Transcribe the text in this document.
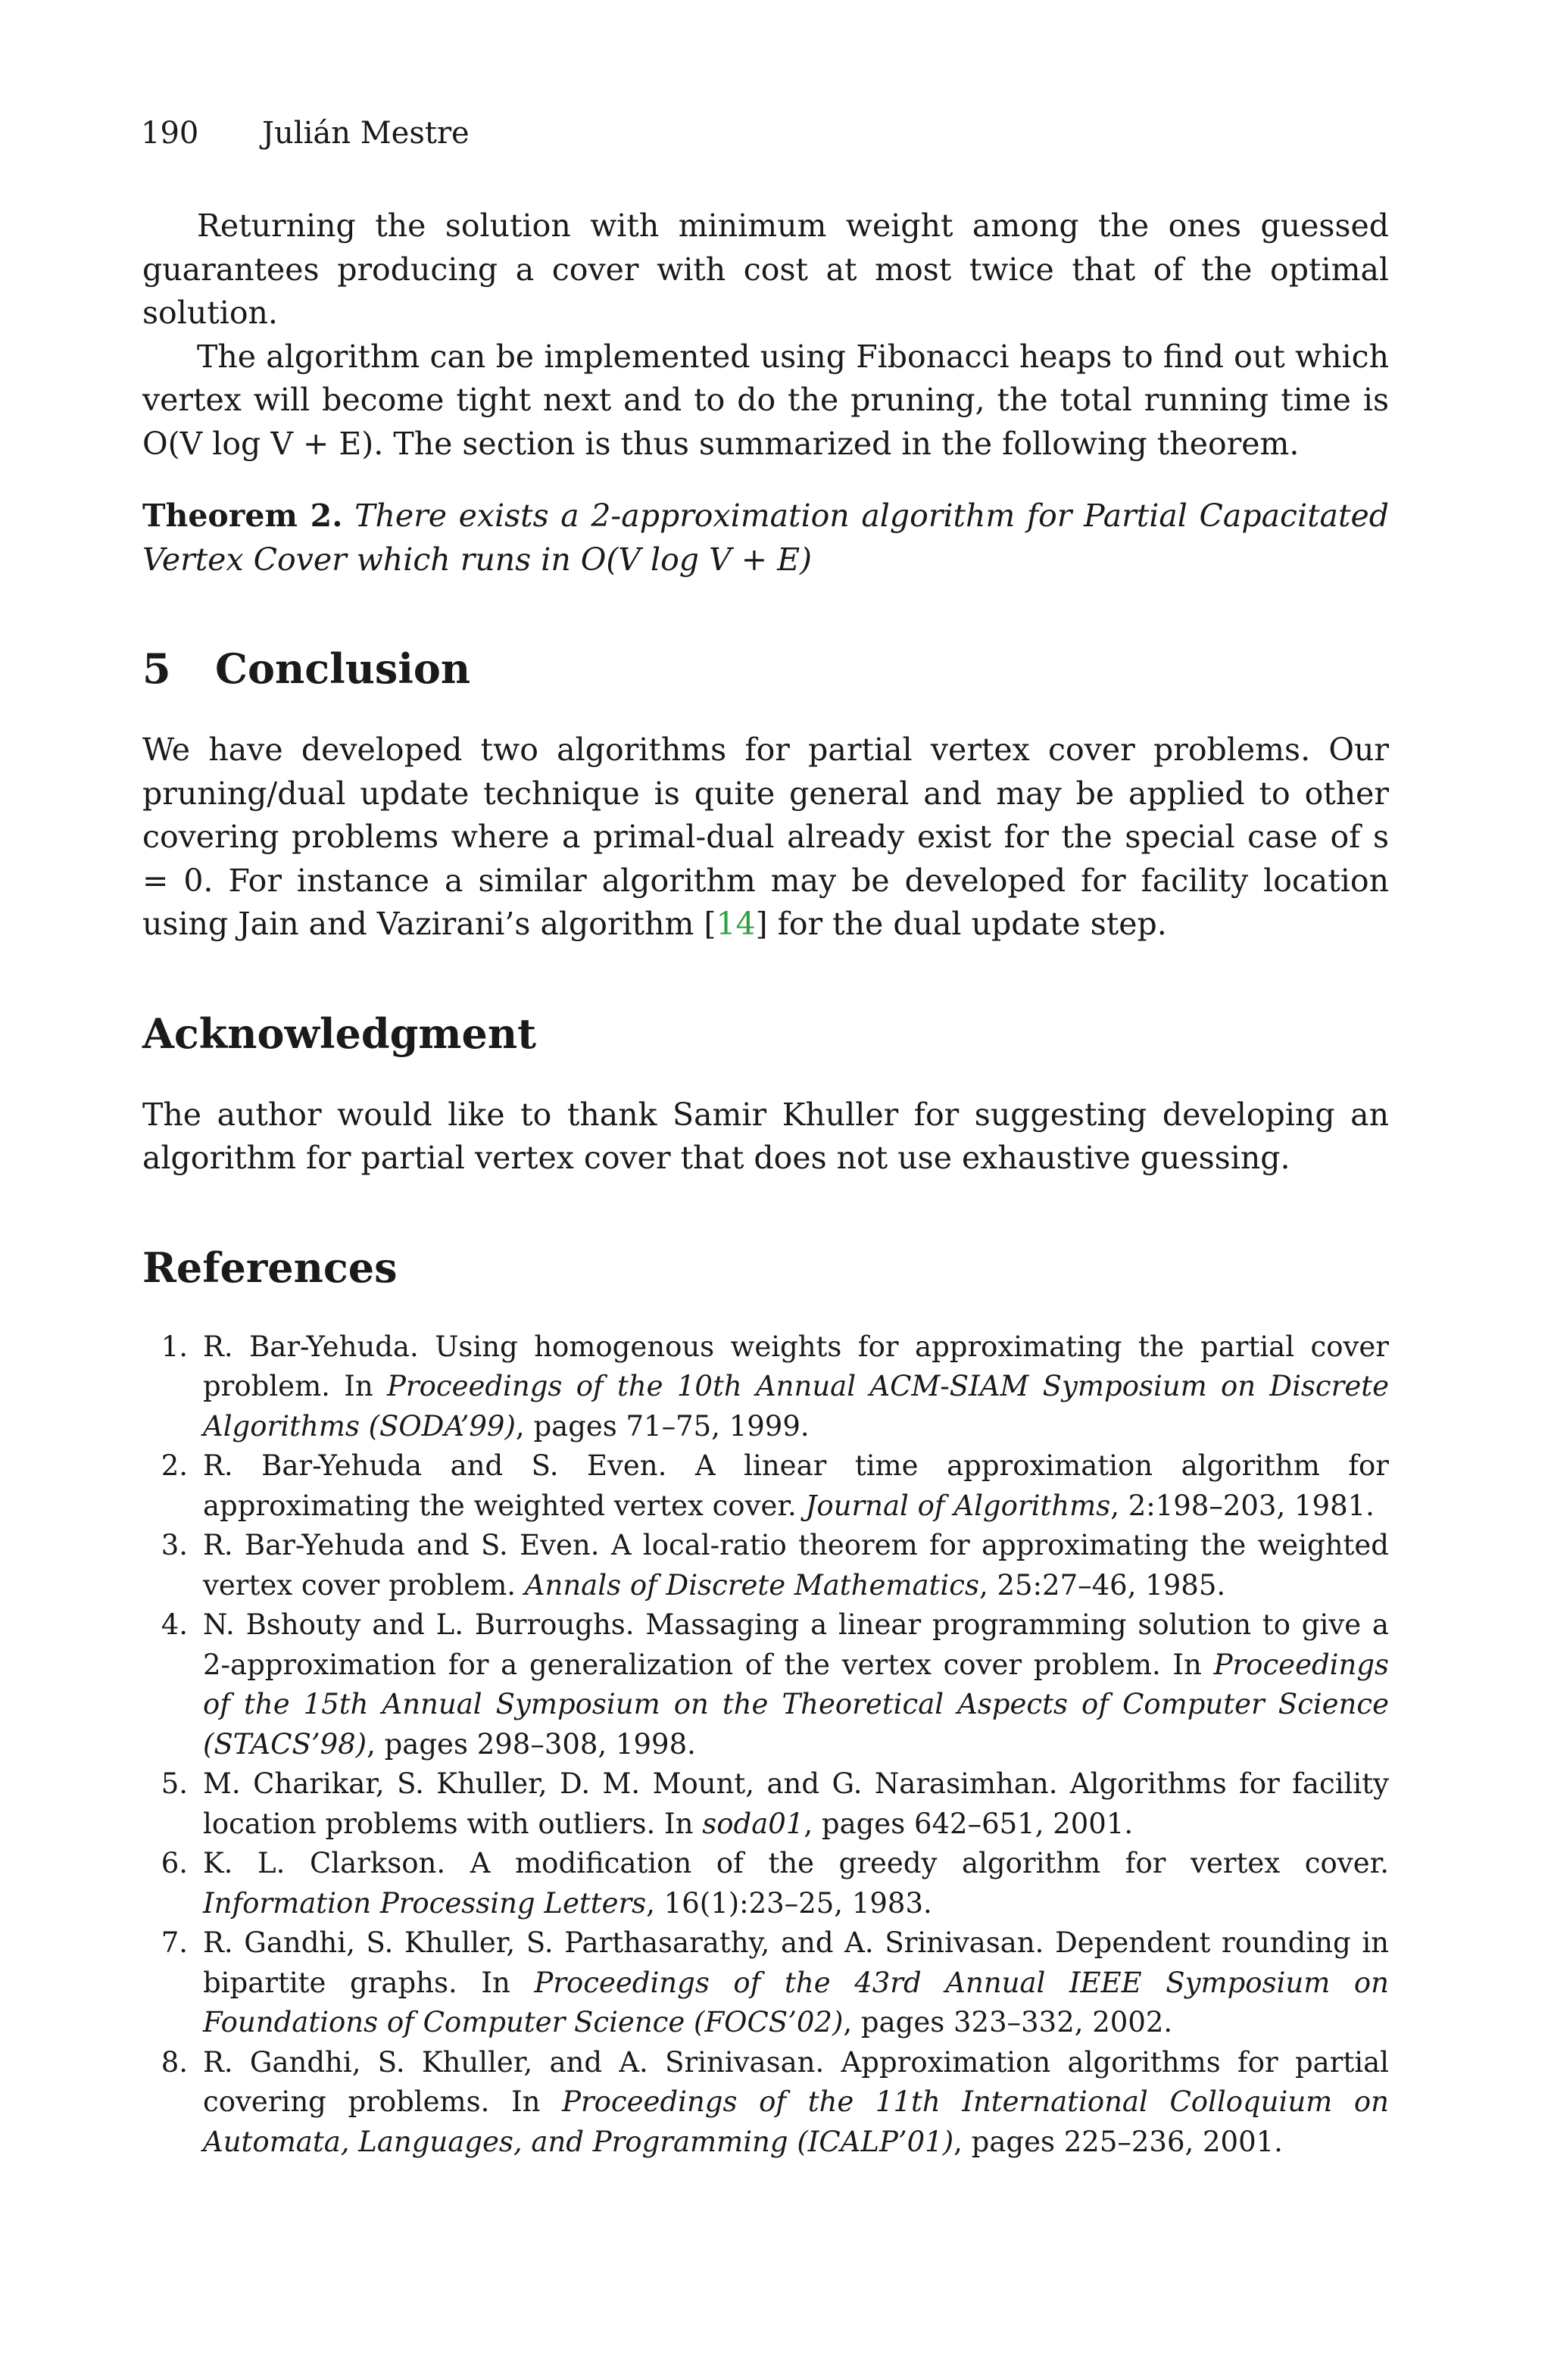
190 Julián Mestre

Returning the solution with minimum weight among the ones guessed guarantees producing a cover with cost at most twice that of the optimal solution.

The algorithm can be implemented using Fibonacci heaps to find out which vertex will become tight next and to do the pruning, the total running time is O(V log V + E). The section is thus summarized in the following theorem.

Theorem 2. There exists a 2-approximation algorithm for Partial Capacitated Vertex Cover which runs in O(V log V + E)

5 Conclusion

We have developed two algorithms for partial vertex cover problems. Our pruning/dual update technique is quite general and may be applied to other covering problems where a primal-dual already exist for the special case of s = 0. For instance a similar algorithm may be developed for facility location using Jain and Vazirani’s algorithm [14] for the dual update step.

Acknowledgment

The author would like to thank Samir Khuller for suggesting developing an algorithm for partial vertex cover that does not use exhaustive guessing.

References
1. R. Bar-Yehuda. Using homogenous weights for approximating the partial cover problem. In Proceedings of the 10th Annual ACM-SIAM Symposium on Discrete Algorithms (SODA’99), pages 71–75, 1999.
2. R. Bar-Yehuda and S. Even. A linear time approximation algorithm for approximating the weighted vertex cover. Journal of Algorithms, 2:198–203, 1981.
3. R. Bar-Yehuda and S. Even. A local-ratio theorem for approximating the weighted vertex cover problem. Annals of Discrete Mathematics, 25:27–46, 1985.
4. N. Bshouty and L. Burroughs. Massaging a linear programming solution to give a 2-approximation for a generalization of the vertex cover problem. In Proceedings of the 15th Annual Symposium on the Theoretical Aspects of Computer Science (STACS’98), pages 298–308, 1998.
5. M. Charikar, S. Khuller, D. M. Mount, and G. Narasimhan. Algorithms for facility location problems with outliers. In soda01, pages 642–651, 2001.
6. K. L. Clarkson. A modification of the greedy algorithm for vertex cover. Information Processing Letters, 16(1):23–25, 1983.
7. R. Gandhi, S. Khuller, S. Parthasarathy, and A. Srinivasan. Dependent rounding in bipartite graphs. In Proceedings of the 43rd Annual IEEE Symposium on Foundations of Computer Science (FOCS’02), pages 323–332, 2002.
8. R. Gandhi, S. Khuller, and A. Srinivasan. Approximation algorithms for partial covering problems. In Proceedings of the 11th International Colloquium on Automata, Languages, and Programming (ICALP’01), pages 225–236, 2001.
